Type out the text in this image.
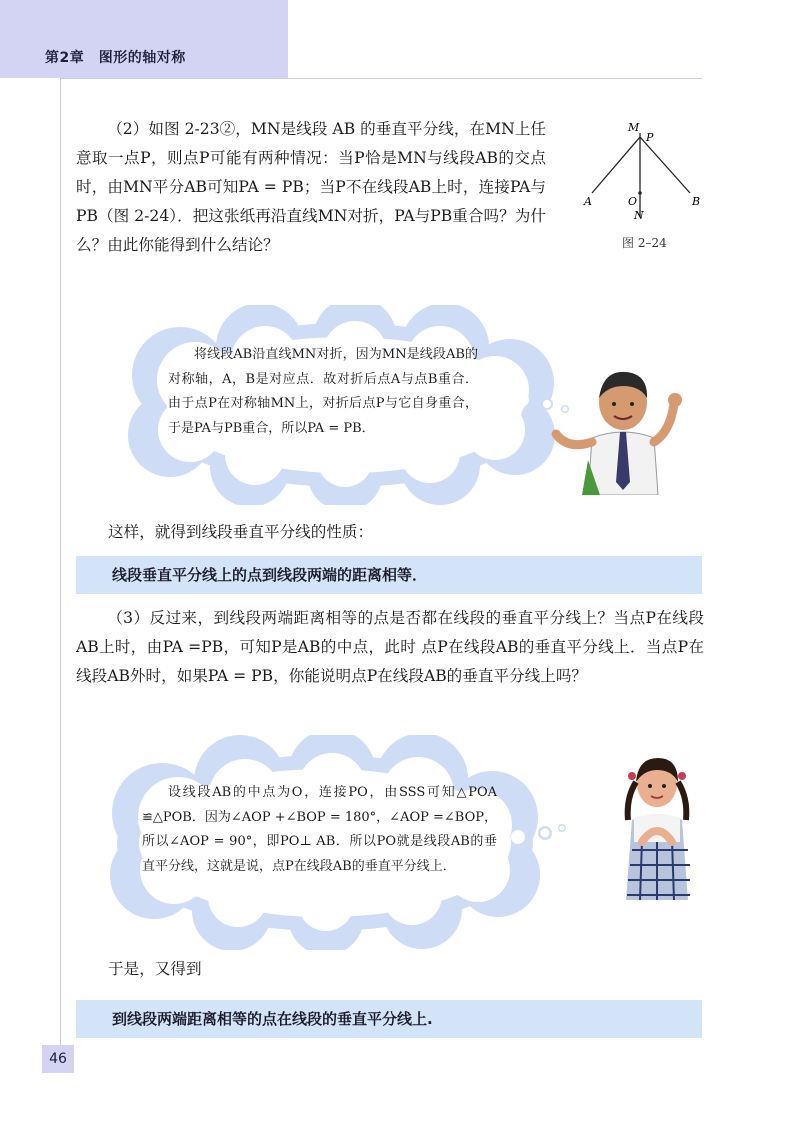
第2章　图形的轴对称
（2）如图 2-23②，MN是线段 AB 的垂直平分线，在MN上任意取一点P，则点P可能有两种情况：当P恰是MN与线段AB的交点时，由MN平分AB可知PA = PB；当P不在线段AB上时，连接PA与PB（图 2-24）．把这张纸再沿直线MN对折，PA与PB重合吗？为什么？由此你能得到什么结论？
M
P
A	O	B
N
图 2–24
将线段AB沿直线MN对折，因为MN是线段AB的对称轴，A，B是对应点．故对折后点A与点B重合．由于点P在对称轴MN上，对折后点P与它自身重合，于是PA与PB重合，所以PA = PB．
这样，就得到线段垂直平分线的性质：
线段垂直平分线上的点到线段两端的距离相等．
（3）反过来，到线段两端距离相等的点是否都在线段的垂直平分线上？当点P在线段AB上时，由PA =PB，可知P是AB的中点，此时 点P在线段AB的垂直平分线上．当点P在线段AB外时，如果PA = PB，你能说明点P在线段AB的垂直平分线上吗？
设线段AB的中点为O，连接PO，由SSS可知△POA ≌△POB．因为∠AOP +∠BOP = 180°，∠AOP =∠BOP，所以∠AOP = 90°，即PO⊥ AB．所以PO就是线段AB的垂直平分线，这就是说，点P在线段AB的垂直平分线上．
于是，又得到
到线段两端距离相等的点在线段的垂直平分线上.
46
